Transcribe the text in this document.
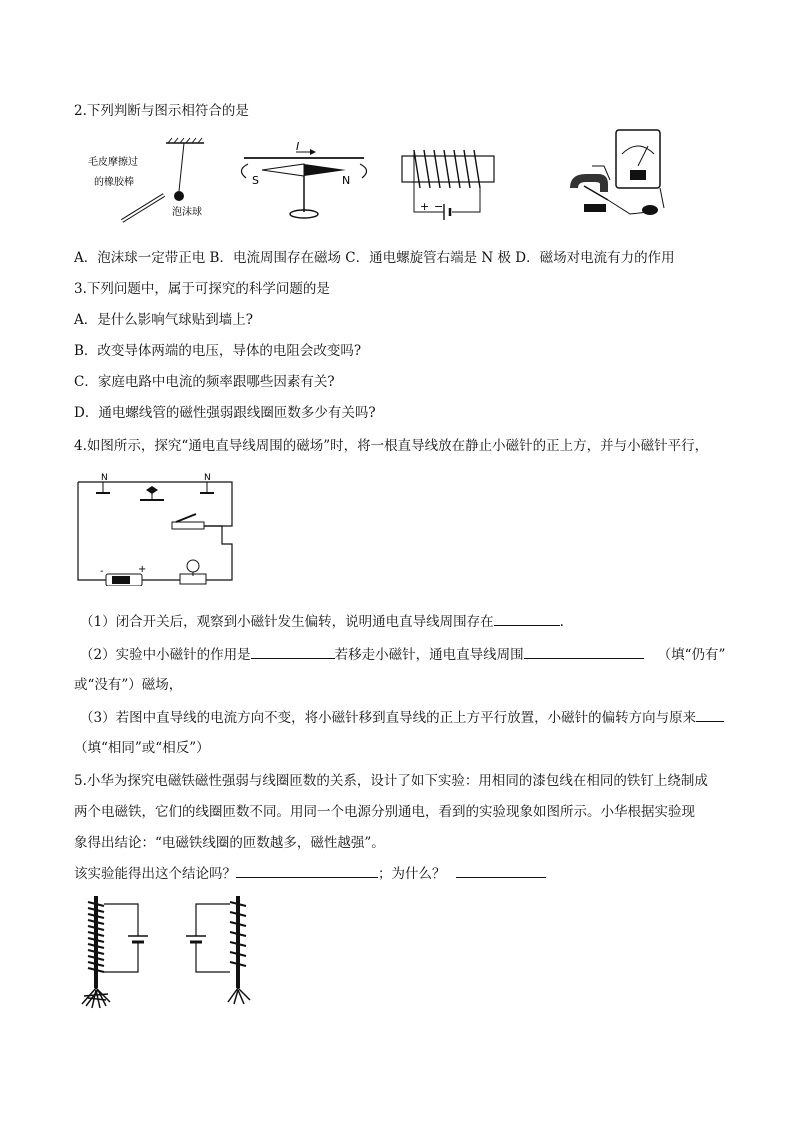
2.下列判断与图示相符合的是
毛皮摩擦过
的橡胶棒
泡沫球
I
S	N
+ −
A．泡沫球一定带正电 B．电流周围存在磁场 C．通电螺旋管右端是 N 极 D．磁场对电流有力的作用
3.下列问题中，属于可探究的科学问题的是
A．是什么影响气球贴到墙上?
B．改变导体两端的电压，导体的电阻会改变吗?
C．家庭电路中电流的频率跟哪些因素有关?
D．通电螺线管的磁性强弱跟线圈匝数多少有关吗?
4.如图所示，探究“通电直导线周围的磁场”时，将一根直导线放在静止小磁针的正上方，并与小磁针平行，
N	N
-	+
（1）闭合开关后，观察到小磁针发生偏转，说明通电直导线周围存在	.
（2）实验中小磁针的作用是	若移走小磁针，通电直导线周围	（填“仍有”
或“没有”）磁场，
（3）若图中直导线的电流方向不变，将小磁针移到直导线的正上方平行放置，小磁针的偏转方向与原来
（填“相同”或“相反”）
5.小华为探究电磁铁磁性强弱与线圈匝数的关系，设计了如下实验：用相同的漆包线在相同的铁钉上绕制成
两个电磁铁，它们的线圈匝数不同。用同一个电源分别通电，看到的实验现象如图所示。小华根据实验现
象得出结论：“电磁铁线圈的匝数越多，磁性越强”。
该实验能得出这个结论吗？	；为什么？
